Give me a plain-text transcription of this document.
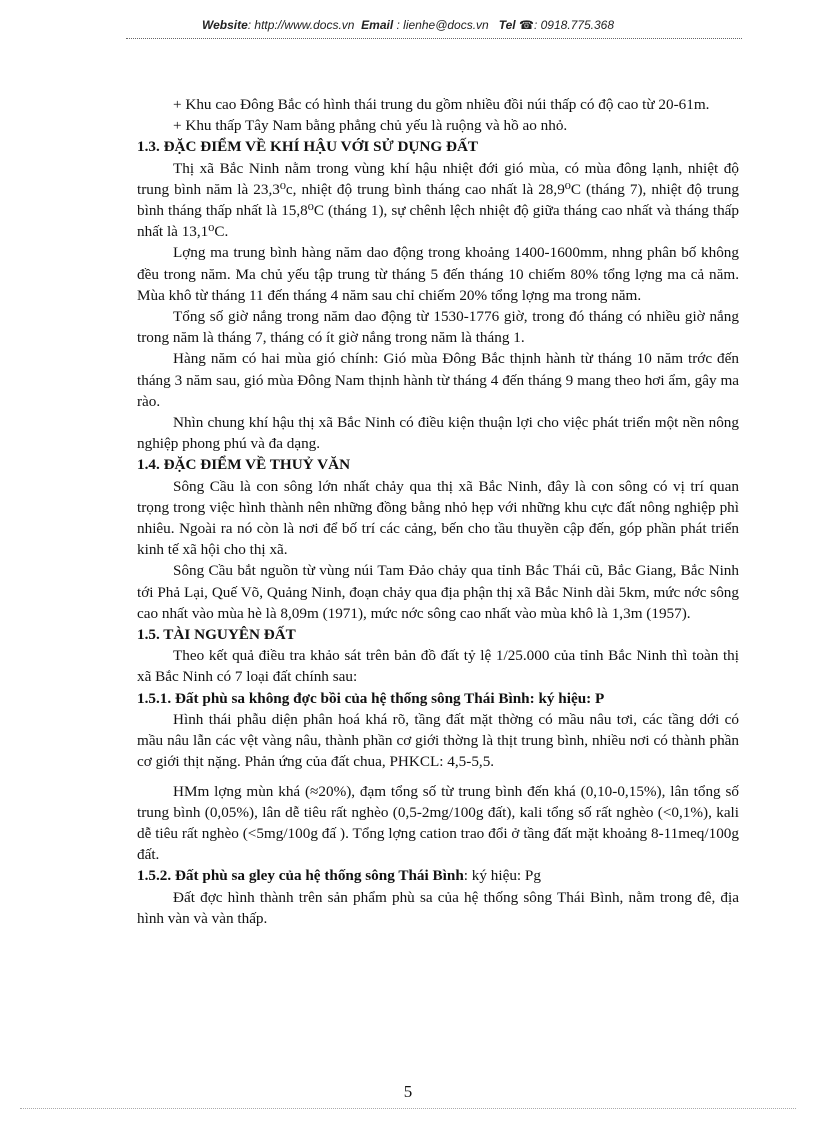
Website: http://www.docs.vn Email : lienhe@docs.vn Tel ☎: 0918.775.368

+ Khu cao Đông Bắc có hình thái trung du gồm nhiều đồi núi thấp có độ cao từ 20-61m.

+ Khu thấp Tây Nam bằng phẳng chủ yếu là ruộng và hồ ao nhỏ.

1.3. ĐẶC ĐIỂM VỀ KHÍ HẬU VỚI SỬ DỤNG ĐẤT

Thị xã Bắc Ninh nằm trong vùng khí hậu nhiệt đới gió mùa, có mùa đông lạnh, nhiệt độ trung bình năm là 23,3⁰c, nhiệt độ trung bình tháng cao nhất là 28,9⁰C (tháng 7), nhiệt độ trung bình tháng thấp nhất là 15,8⁰C (tháng 1), sự chênh lệch nhiệt độ giữa tháng cao nhất và tháng thấp nhất là 13,1⁰C.

Lợng ma trung bình hàng năm dao động trong khoảng 1400-1600mm, nhng phân bố không đều trong năm. Ma chủ yếu tập trung từ tháng 5 đến tháng 10 chiếm 80% tổng lợng ma cả năm. Mùa khô từ tháng 11 đến tháng 4 năm sau chỉ chiếm 20% tổng lợng ma trong năm.

Tổng số giờ nắng trong năm dao động từ 1530-1776 giờ, trong đó tháng có nhiều giờ nắng trong năm là tháng 7, tháng có ít giờ nắng trong năm là tháng 1.

Hàng năm có hai mùa gió chính: Gió mùa Đông Bắc thịnh hành từ tháng 10 năm trớc đến tháng 3 năm sau, gió mùa Đông Nam thịnh hành từ tháng 4 đến tháng 9 mang theo hơi ẩm, gây ma rào.

Nhìn chung khí hậu thị xã Bắc Ninh có điều kiện thuận lợi cho việc phát triển một nền nông nghiệp phong phú và đa dạng.

1.4. ĐẶC ĐIỂM VỀ THUỶ VĂN

Sông Cầu là con sông lớn nhất chảy qua thị xã Bắc Ninh, đây là con sông có vị trí quan trọng trong việc hình thành nên những đồng bằng nhỏ hẹp với những khu cực đất nông nghiệp phì nhiêu. Ngoài ra nó còn là nơi để bố trí các cảng, bến cho tầu thuyền cập đến, góp phần phát triển kinh tế xã hội cho thị xã.

Sông Cầu bắt nguồn từ vùng núi Tam Đảo chảy qua tỉnh Bắc Thái cũ, Bắc Giang, Bắc Ninh tới Phả Lại, Quế Võ, Quảng Ninh, đoạn chảy qua địa phận thị xã Bắc Ninh dài 5km, mức nớc sông cao nhất vào mùa hè là 8,09m (1971), mức nớc sông cao nhất vào mùa khô là 1,3m (1957).

1.5. TÀI NGUYÊN ĐẤT

Theo kết quả điều tra khảo sát trên bản đồ đất tỷ lệ 1/25.000 của tỉnh Bắc Ninh thì toàn thị xã Bắc Ninh có 7 loại đất chính sau:

1.5.1. Đất phù sa không đợc bồi của hệ thống sông Thái Bình: ký hiệu: P

Hình thái phẫu diện phân hoá khá rõ, tầng đất mặt thờng có mầu nâu tơi, các tầng dới có mầu nâu lẫn các vệt vàng nâu, thành phần cơ giới thờng là thịt trung bình, nhiều nơi có thành phần cơ giới thịt nặng. Phản ứng của đất chua, PHKCL: 4,5-5,5.

HMm lợng mùn khá (≈20%), đạm tổng số từ trung bình đến khá (0,10-0,15%), lân tổng số trung bình (0,05%), lân dễ tiêu rất nghèo (0,5-2mg/100g đất), kali tổng số rất nghèo (<0,1%), kali dễ tiêu rất nghèo (<5mg/100g đấ ). Tổng lợng cation trao đổi ở tầng đất mặt khoảng 8-11meq/100g đất.

1.5.2. Đất phù sa gley của hệ thống sông Thái Bình: ký hiệu: Pg

Đất đợc hình thành trên sản phẩm phù sa của hệ thống sông Thái Bình, nằm trong đê, địa hình vàn và vàn thấp.

5
